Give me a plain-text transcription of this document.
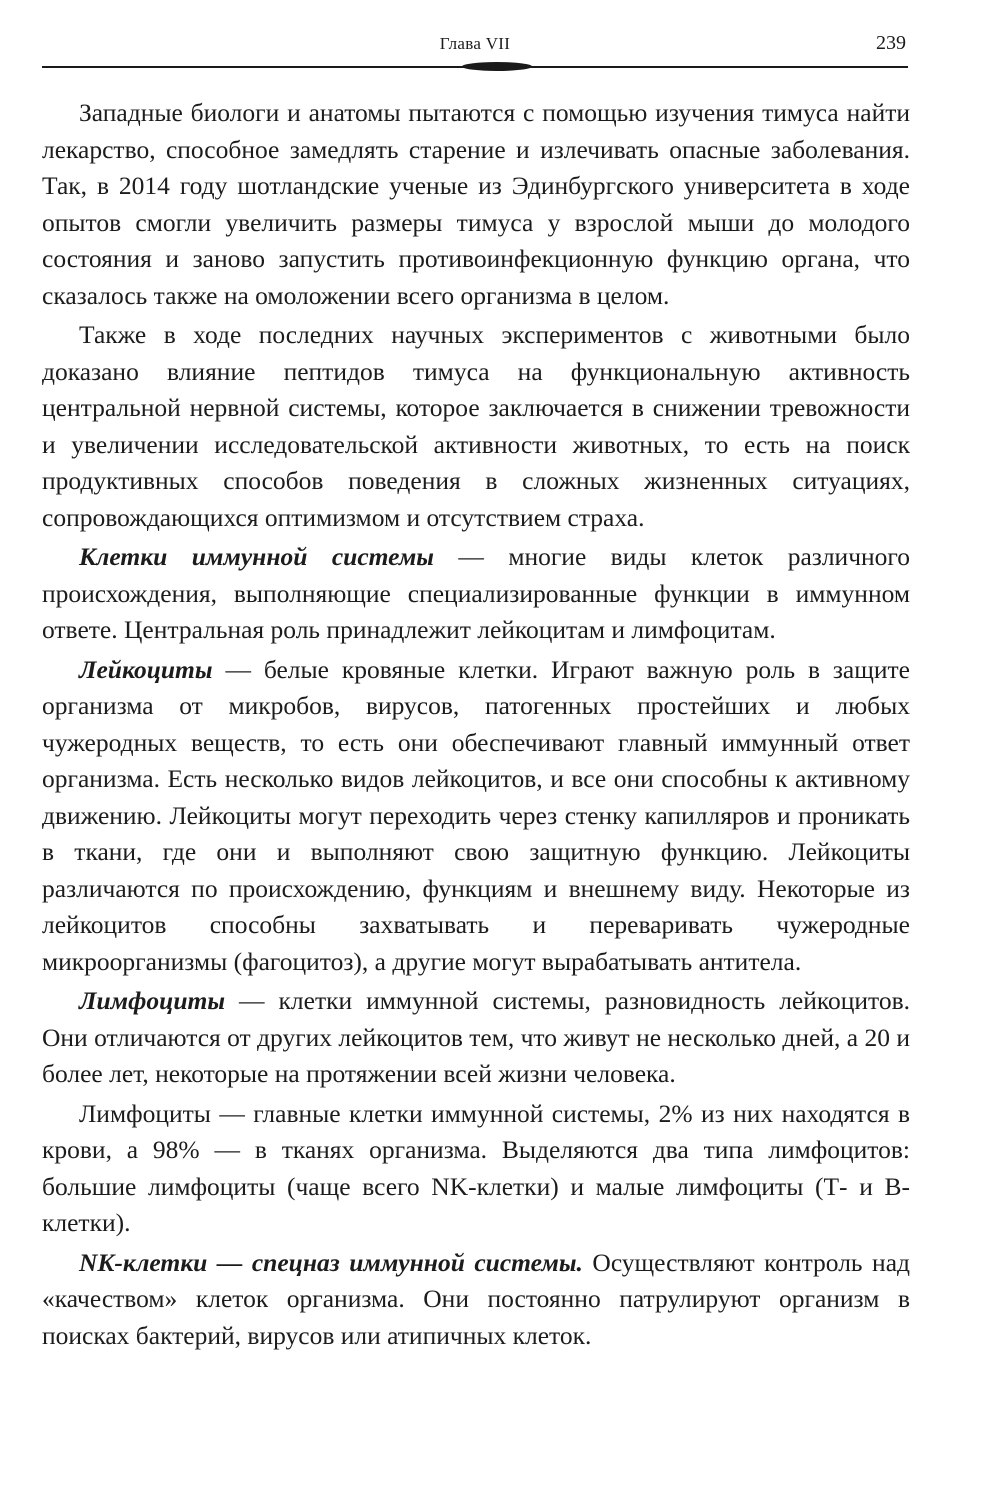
Глава VII	239

Западные биологи и анатомы пытаются с помощью изучения тимуса найти лекарство, способное замедлять старение и излечивать опасные заболевания. Так, в 2014 году шотландские ученые из Эдинбургского университета в ходе опытов смогли увеличить размеры тимуса у взрослой мыши до молодого состояния и заново запустить противоинфекционную функцию органа, что сказалось также на омоложении всего организма в целом.

Также в ходе последних научных экспериментов с животными было доказано влияние пептидов тимуса на функциональную активность центральной нервной системы, которое заключается в снижении тревожности и увеличении исследовательской активности животных, то есть на поиск продуктивных способов поведения в сложных жизненных ситуациях, сопровождающихся оптимизмом и отсутствием страха.

Клетки иммунной системы — многие виды клеток различного происхождения, выполняющие специализированные функции в иммунном ответе. Центральная роль принадлежит лейкоцитам и лимфоцитам.

Лейкоциты — белые кровяные клетки. Играют важную роль в защите организма от микробов, вирусов, патогенных простейших и любых чужеродных веществ, то есть они обеспечивают главный иммунный ответ организма. Есть несколько видов лейкоцитов, и все они способны к активному движению. Лейкоциты могут переходить через стенку капилляров и проникать в ткани, где они и выполняют свою защитную функцию. Лейкоциты различаются по происхождению, функциям и внешнему виду. Некоторые из лейкоцитов способны захватывать и переваривать чужеродные микроорганизмы (фагоцитоз), а другие могут вырабатывать антитела.

Лимфоциты — клетки иммунной системы, разновидность лейкоцитов. Они отличаются от других лейкоцитов тем, что живут не несколько дней, а 20 и более лет, некоторые на протяжении всей жизни человека.

Лимфоциты — главные клетки иммунной системы, 2% из них находятся в крови, а 98% — в тканях организма. Выделяются два типа лимфоцитов: большие лимфоциты (чаще всего NK-клетки) и малые лимфоциты (Т- и В-клетки).

NK-клетки — спецназ иммунной системы. Осуществляют контроль над «качеством» клеток организма. Они постоянно патрулируют организм в поисках бактерий, вирусов или атипичных клеток.
